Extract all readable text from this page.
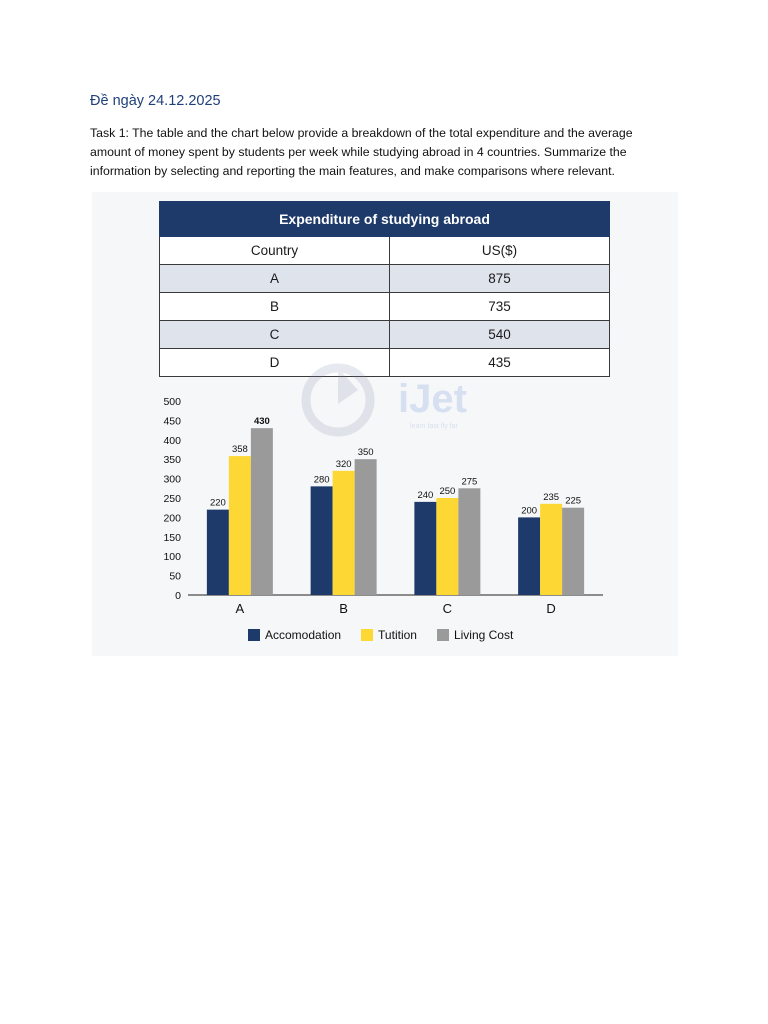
Đề ngày 24.12.2025
Task 1: The table and the chart below provide a breakdown of the total expenditure and the average amount of money spent by students per week while studying abroad in 4 countries. Summarize the information by selecting and reporting the main features, and make comparisons where relevant.
Expenditure of studying abroad	
Country	US($)
A	875
B	735
C	540
D	435
iJet
learn fast fly far
0
50
100
150
200
250
300
350
400
450
500
220
358
430
A
280
320
350
B
240 250
275
C
200
235 225
D
Accomodation	Tutition	Living Cost
